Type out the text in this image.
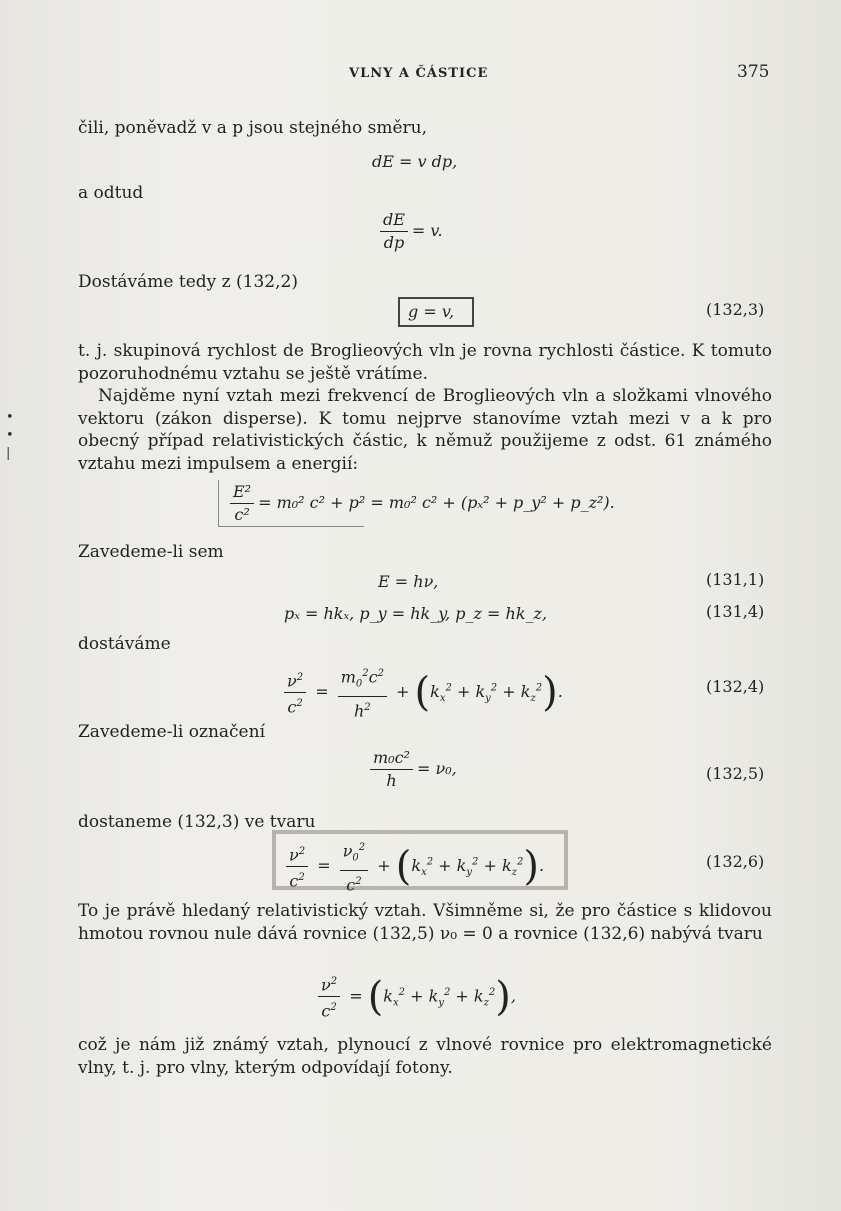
•
•
|
VLNY A ČÁSTICE	375
čili, poněvadž v a p jsou stejného směru,
dE = v dp,
a odtud
$\frac{dE}{dp} = v$.
Dostáváme tedy z (132,2)
g = v,	(132,3)
t. j. skupinová rychlost de Broglieových vln je rovna rychlosti částice. K tomuto pozoruhodnému vztahu se ještě vrátíme.
Najděme nyní vztah mezi frekvencí de Broglieových vln a složkami vlnového vektoru (zákon disperse). K tomu nejprve stanovíme vztah mezi v a k pro obecný případ relativistických částic, k němuž použijeme z odst. 61 známého vztahu mezi impulsem a energií:
$\frac{\text{E²}}{\text{c²}} = m_0^2$ c² + p² = m₀² c² + (pₓ² + p_y² + p_z²).
Zavedeme-li sem
E = hν,	(131,1)
pₓ = hkₓ, p_y = hk_y, p_z = hk_z,	(131,4)
dostáváme
$\frac{\nu^2}{c^2} = \frac{m_0^2c^2}{h^2} + (k_x^2 + k_y^2 + k_z^2)$.	(132,4)
Zavedeme-li označení
$\frac{\text{m₀c²}}{h} = \nu_0$,	(132,5)
dostaneme (132,3) ve tvaru
$\frac{\nu^2}{c^2} = \frac{\nu_0^2}{c^2} + (k_x^2 + k_y^2 + k_z^2)$.	(132,6)
To je právě hledaný relativistický vztah. Všimněme si, že pro částice s klidovou hmotou rovnou nule dává rovnice (132,5) ν₀ = 0 a rovnice (132,6) nabývá tvaru
$\frac{\nu^2}{c^2} = (k_x^2 + k_y^2 + k_z^2)$,
což je nám již známý vztah, plynoucí z vlnové rovnice pro elektromagnetické vlny, t. j. pro vlny, kterým odpovídají fotony.
